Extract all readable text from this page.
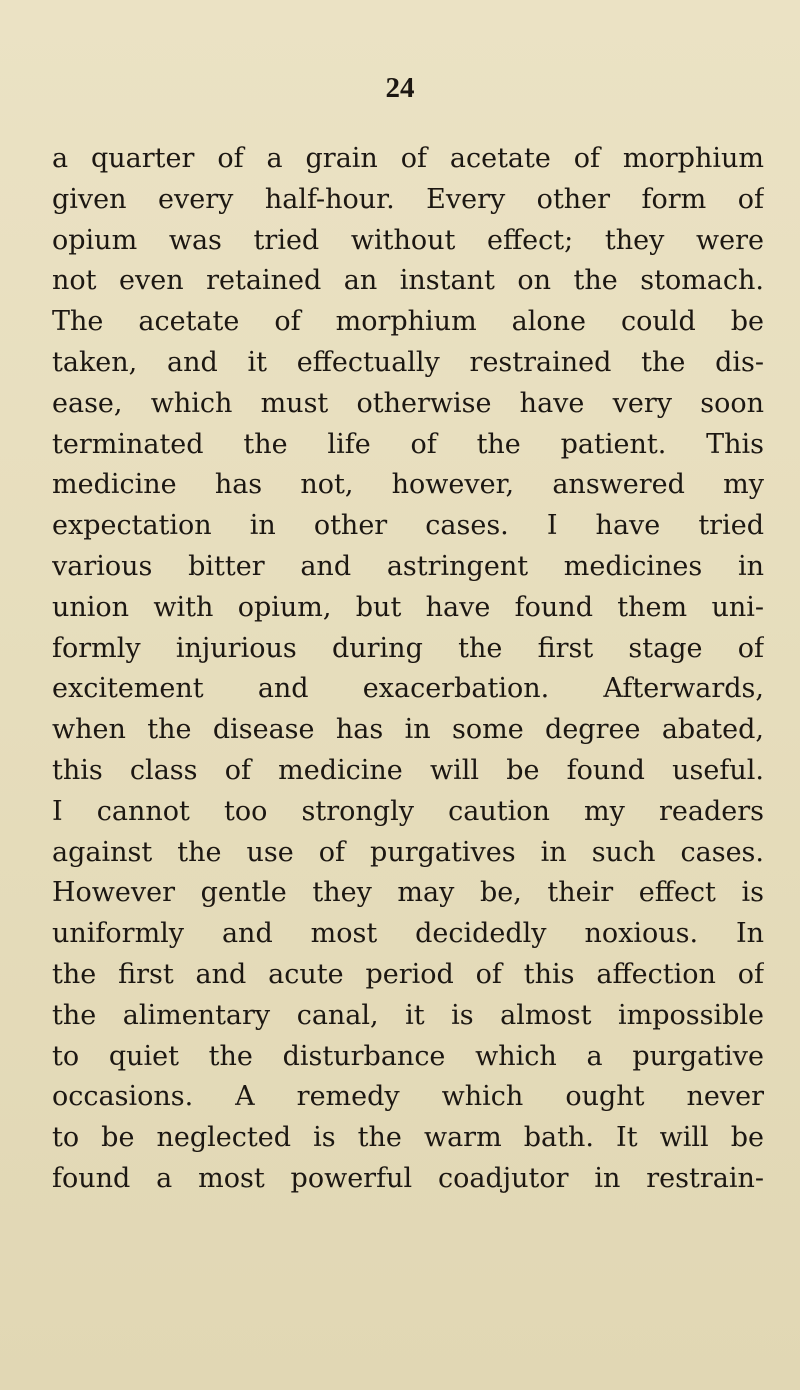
24
a quarter of a grain of acetate of morphium
given every half-hour. Every other form of
opium was tried without effect; they were
not even retained an instant on the stomach.
The acetate of morphium alone could be
taken, and it effectually restrained the dis-
ease, which must otherwise have very soon
terminated the life of the patient. This
medicine has not, however, answered my
expectation in other cases. I have tried
various bitter and astringent medicines in
union with opium, but have found them uni-
formly injurious during the first stage of
excitement and exacerbation. Afterwards,
when the disease has in some degree abated,
this class of medicine will be found useful.
I cannot too strongly caution my readers
against the use of purgatives in such cases.
However gentle they may be, their effect is
uniformly and most decidedly noxious. In
the first and acute period of this affection of
the alimentary canal, it is almost impossible
to quiet the disturbance which a purgative
occasions. A remedy which ought never
to be neglected is the warm bath. It will be
found a most powerful coadjutor in restrain-
